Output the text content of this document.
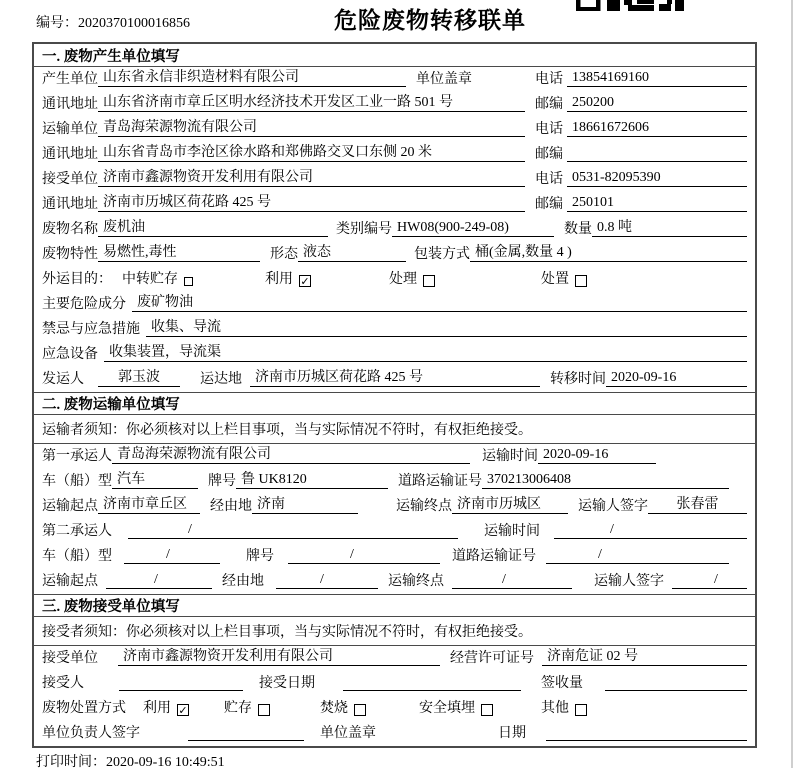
编号：2020370100016856	危险废物转移联单
一. 废物产生单位填写
产生单位 山东省永信非织造材料有限公司	单位盖章	电话 13854169160
通讯地址 山东省济南市章丘区明水经济技术开发区工业一路 501 号	邮编 250200
运输单位 青岛海荣源物流有限公司	电话 18661672606
通讯地址 山东省青岛市李沧区徐水路和郑佛路交叉口东侧 20 米	邮编
接受单位 济南市鑫源物资开发利用有限公司	电话 0531-82095390
通讯地址 济南市历城区荷花路 425 号	邮编 250101
废物名称 废机油	类别编号 HW08(900-249-08)	数量 0.8 吨
废物特性 易燃性,毒性	形态 液态	包装方式 桶(金属,数量 4 )
外运目的： 中转贮存	利用 ✓	处理	处置
主要危险成分 废矿物油
禁忌与应急措施 收集、导流
应急设备 收集装置，导流渠
发运人	郭玉波	运达地 济南市历城区荷花路 425 号	转移时间 2020-09-16
二. 废物运输单位填写
运输者须知：你必须核对以上栏目事项，当与实际情况不符时，有权拒绝接受。
第一承运人 青岛海荣源物流有限公司	运输时间 2020-09-16
车（船）型 汽车	牌号 鲁 UK8120	道路运输证号 370213006408
运输起点 济南市章丘区	经由地 济南	运输终点 济南市历城区	运输人签字	张春雷
第二承运人	/	运输时间	/
车（船）型	/	牌号	/	道路运输证号	/
运输起点	/	经由地	/	运输终点	/	运输人签字	/
三. 废物接受单位填写
接受者须知：你必须核对以上栏目事项，当与实际情况不符时，有权拒绝接受。
接受单位	济南市鑫源物资开发利用有限公司	经营许可证号 济南危证 02 号
接受人	接受日期	签收量
废物处置方式 利用 ✓	贮存	焚烧	安全填埋	其他
单位负责人签字	单位盖章	日期
打印时间：2020-09-16 10:49:51
